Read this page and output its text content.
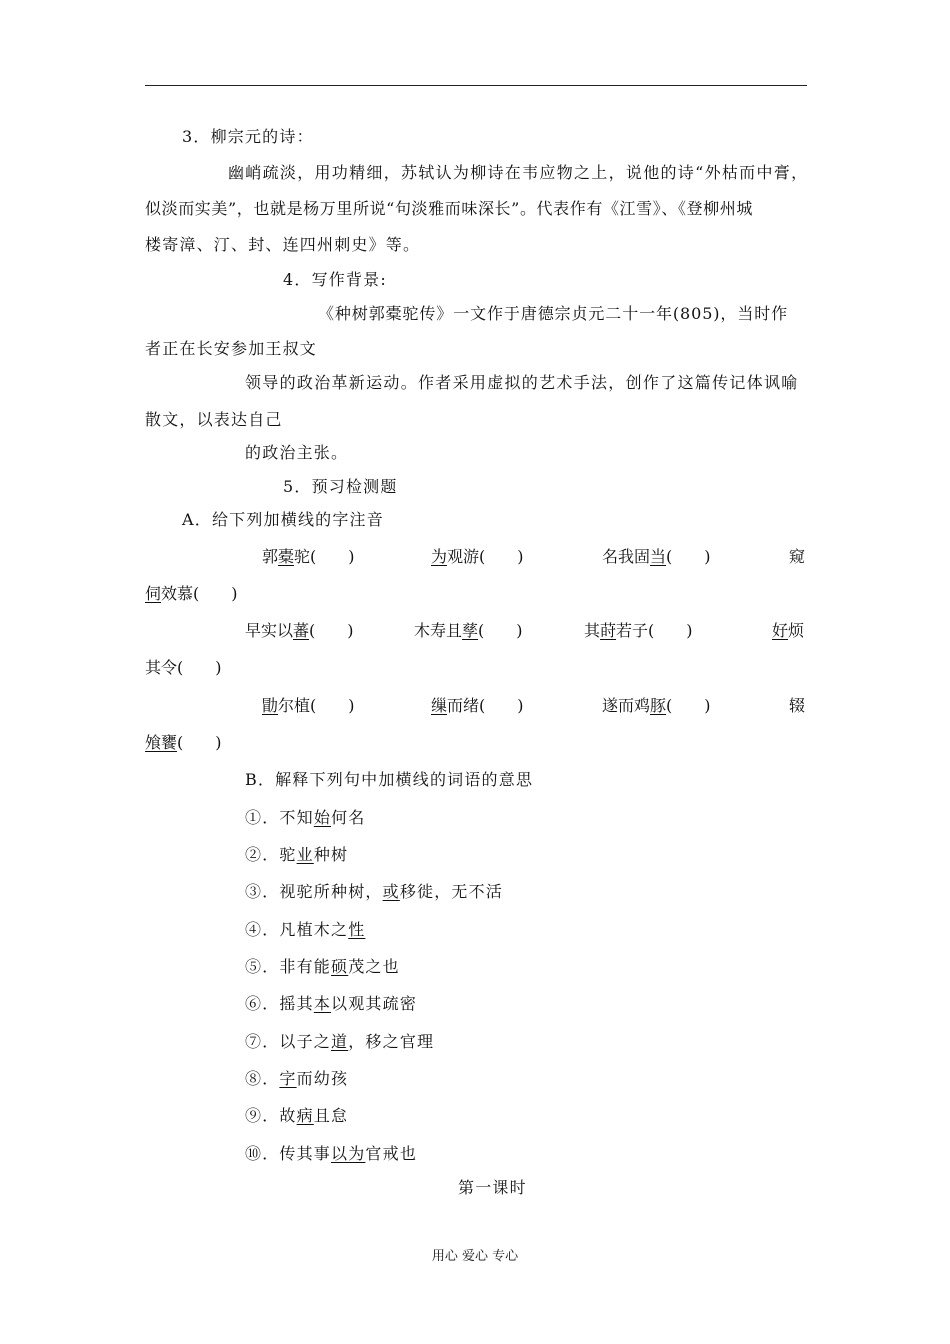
3．柳宗元的诗：
幽峭疏淡，用功精细，苏轼认为柳诗在韦应物之上，说他的诗“外枯而中膏，
似淡而实美”，也就是杨万里所说“句淡雅而味深长”。代表作有《江雪》、《登柳州城
楼寄漳、汀、封、连四州刺史》等。
4．写作背景:
《种树郭橐驼传》一文作于唐德宗贞元二十一年(805)，当时作
者正在长安参加王叔文
领导的政治革新运动。作者采用虚拟的艺术手法，创作了这篇传记体讽喻
散文，以表达自己
的政治主张。
5．预习检测题
A．给下列加横线的字注音
郭橐驼(　　)	为观游(　　)	名我固当(　　)	窥
伺效慕(　　)
早实以蕃(　　)	木寿且孳(　　)	其莳若子(　　)	好烦
其令(　　)
勖尔植(　　)	缫而绪(　　)	遂而鸡豚(　　)	辍
飧饔(　　)
B．解释下列句中加横线的词语的意思
①．不知始何名
②．驼业种树
③．视驼所种树，或移徙，无不活
④．凡植木之性
⑤．非有能硕茂之也
⑥．摇其本以观其疏密
⑦．以子之道，移之官理
⑧．字而幼孩
⑨．故病且怠
⑩．传其事以为官戒也
第一课时
用心 爱心 专心
